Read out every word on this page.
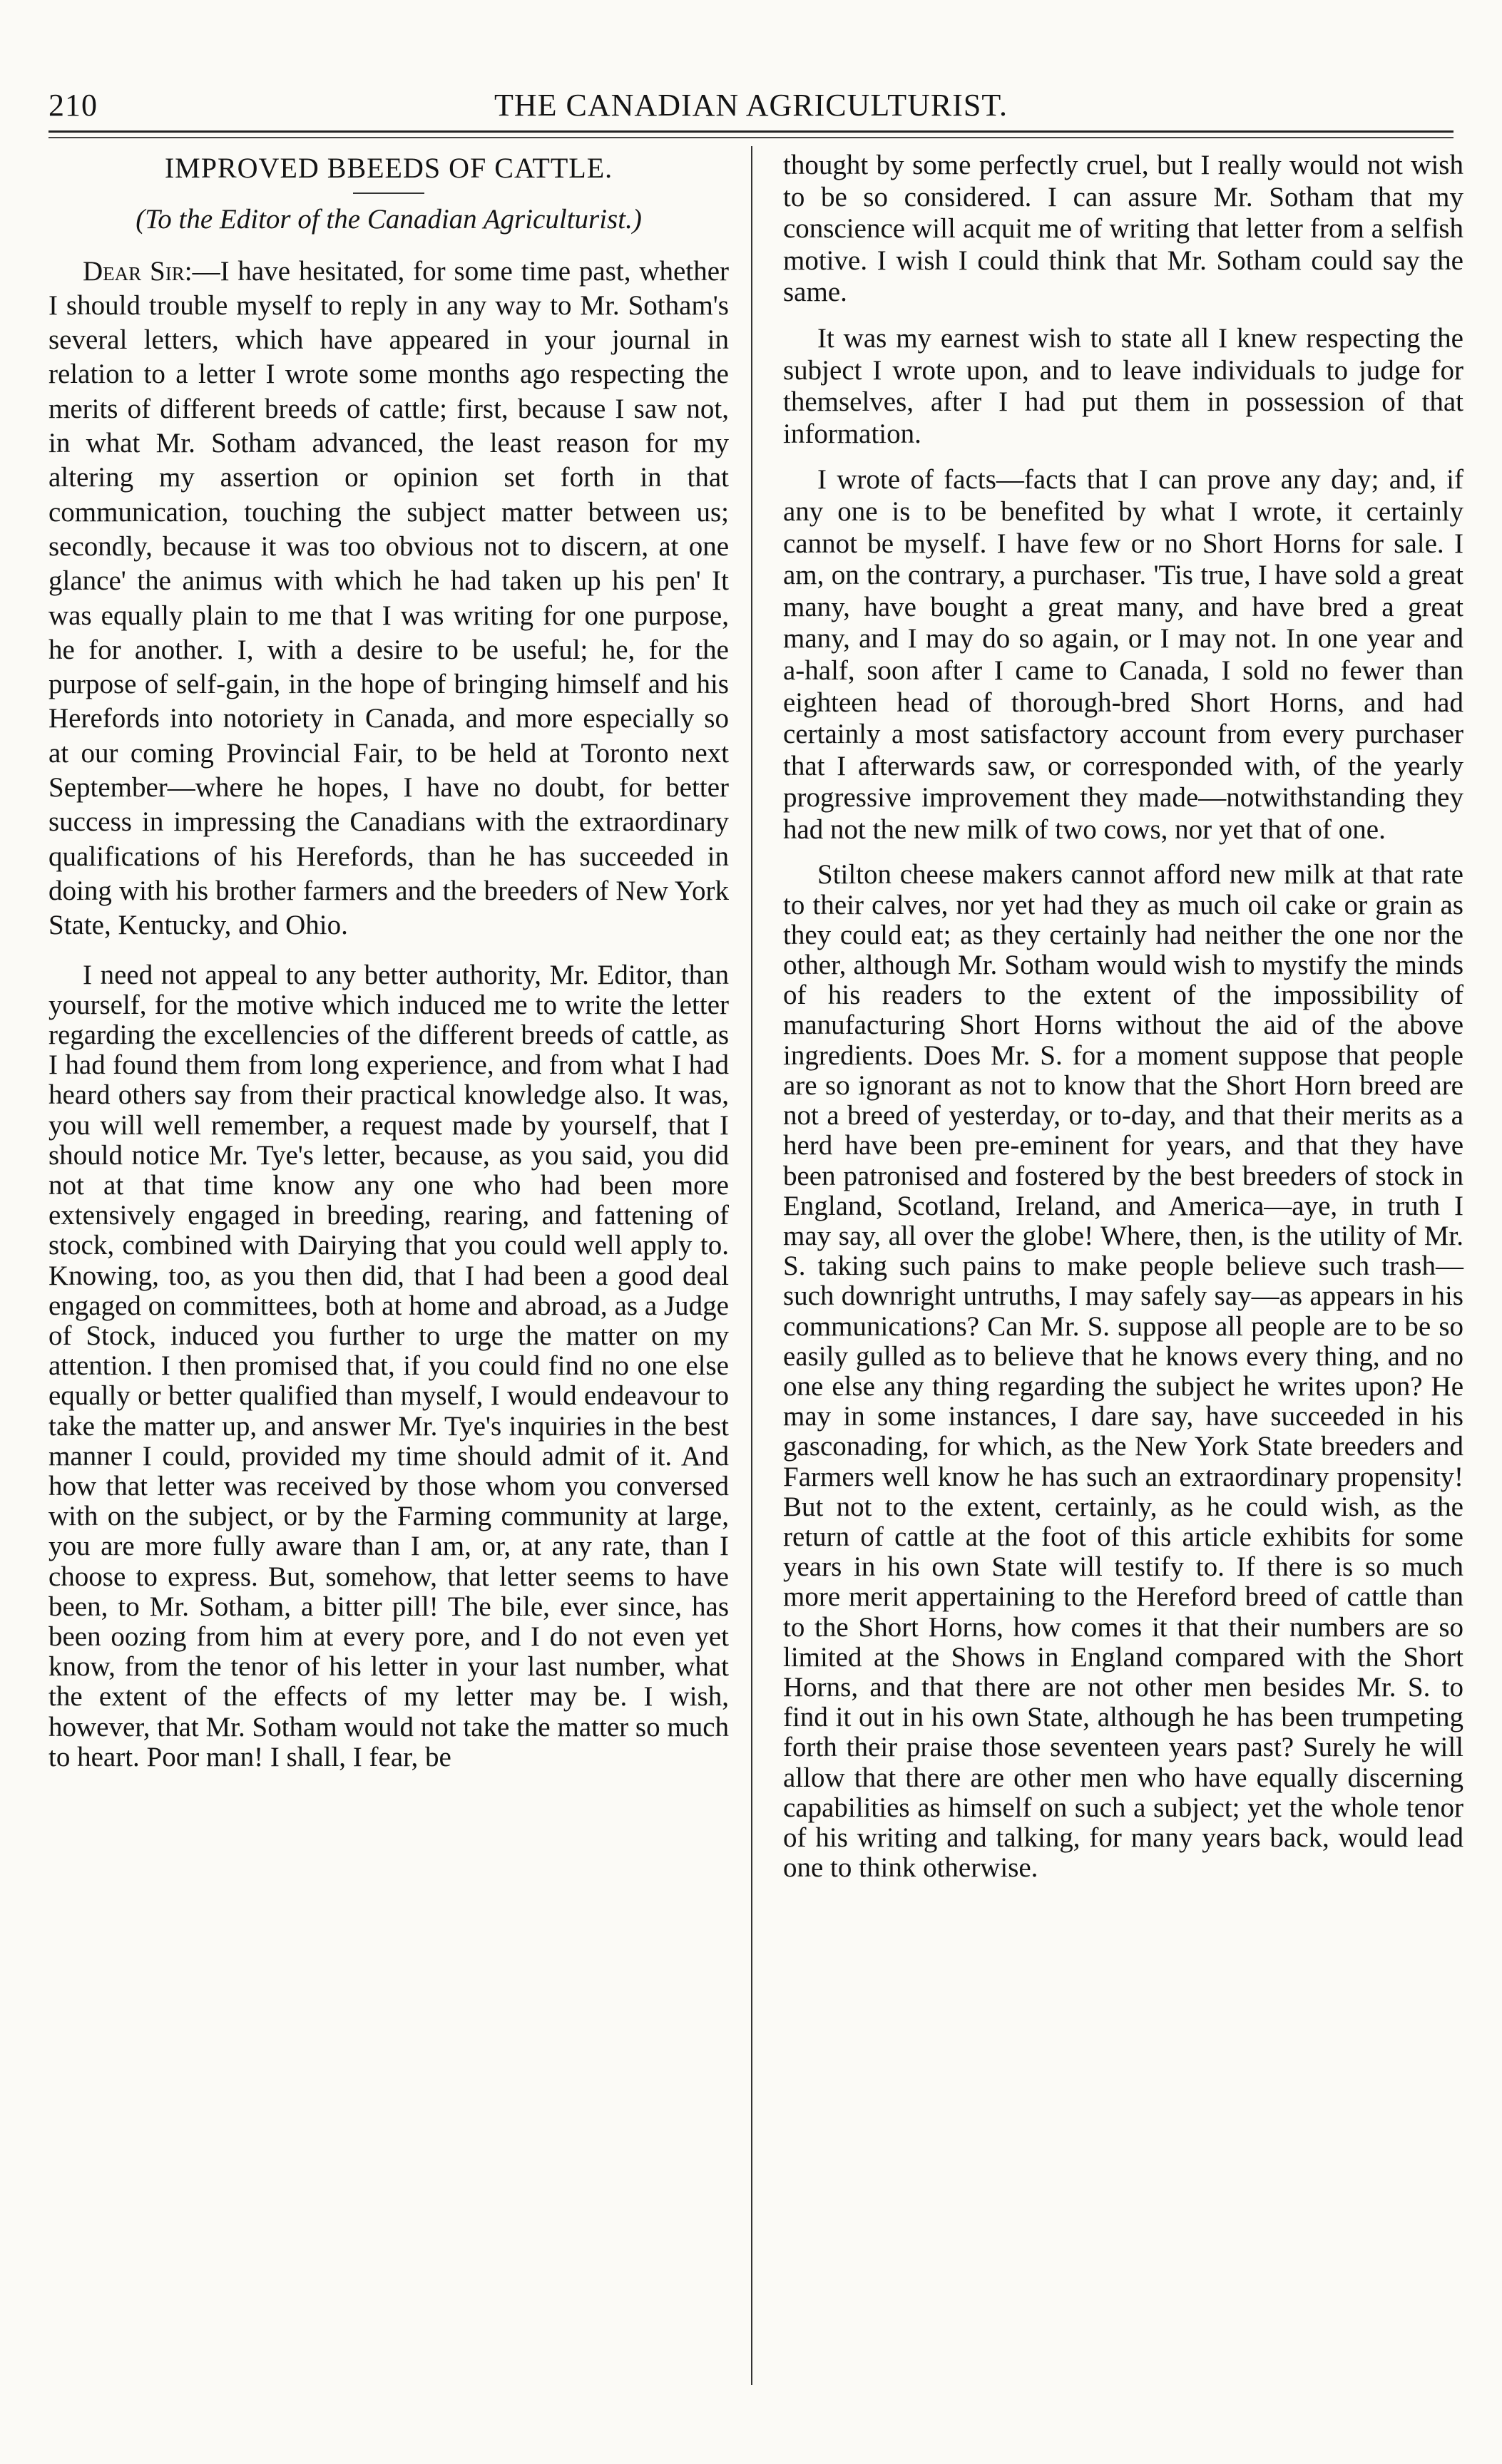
210	THE CANADIAN AGRICULTURIST.

IMPROVED BBEEDS OF CATTLE.

(To the Editor of the Canadian Agriculturist.)

Dear Sir:—I have hesitated, for some time past, whether I should trouble myself to reply in any way to Mr. Sotham's several letters, which have appeared in your journal in relation to a letter I wrote some months ago respecting the merits of different breeds of cattle; first, because I saw not, in what Mr. Sotham advanced, the least reason for my altering my assertion or opinion set forth in that communication, touching the subject matter between us; secondly, because it was too obvious not to discern, at one glance' the animus with which he had taken up his pen' It was equally plain to me that I was writing for one purpose, he for another. I, with a desire to be useful; he, for the purpose of self-gain, in the hope of bringing himself and his Herefords into notoriety in Canada, and more especially so at our coming Provincial Fair, to be held at Toronto next September—where he hopes, I have no doubt, for better success in impressing the Canadians with the extraordinary qualifications of his Herefords, than he has succeeded in doing with his brother farmers and the breeders of New York State, Kentucky, and Ohio.

I need not appeal to any better authority, Mr. Editor, than yourself, for the motive which induced me to write the letter regarding the excellencies of the different breeds of cattle, as I had found them from long experience, and from what I had heard others say from their practical knowledge also. It was, you will well remember, a request made by yourself, that I should notice Mr. Tye's letter, because, as you said, you did not at that time know any one who had been more extensively engaged in breeding, rearing, and fattening of stock, combined with Dairying that you could well apply to. Knowing, too, as you then did, that I had been a good deal engaged on committees, both at home and abroad, as a Judge of Stock, induced you further to urge the matter on my attention. I then promised that, if you could find no one else equally or better qualified than myself, I would endeavour to take the matter up, and answer Mr. Tye's inquiries in the best manner I could, provided my time should admit of it. And how that letter was received by those whom you conversed with on the subject, or by the Farming community at large, you are more fully aware than I am, or, at any rate, than I choose to express. But, somehow, that letter seems to have been, to Mr. Sotham, a bitter pill! The bile, ever since, has been oozing from him at every pore, and I do not even yet know, from the tenor of his letter in your last number, what the extent of the effects of my letter may be. I wish, however, that Mr. Sotham would not take the matter so much to heart. Poor man! I shall, I fear, be

thought by some perfectly cruel, but I really would not wish to be so considered. I can assure Mr. Sotham that my conscience will acquit me of writing that letter from a selfish motive. I wish I could think that Mr. Sotham could say the same.

It was my earnest wish to state all I knew respecting the subject I wrote upon, and to leave individuals to judge for themselves, after I had put them in possession of that information.

I wrote of facts—facts that I can prove any day; and, if any one is to be benefited by what I wrote, it certainly cannot be myself. I have few or no Short Horns for sale. I am, on the contrary, a purchaser. 'Tis true, I have sold a great many, have bought a great many, and have bred a great many, and I may do so again, or I may not. In one year and a-half, soon after I came to Canada, I sold no fewer than eighteen head of thorough-bred Short Horns, and had certainly a most satisfactory account from every purchaser that I afterwards saw, or corresponded with, of the yearly progressive improvement they made—notwithstanding they had not the new milk of two cows, nor yet that of one.

Stilton cheese makers cannot afford new milk at that rate to their calves, nor yet had they as much oil cake or grain as they could eat; as they certainly had neither the one nor the other, although Mr. Sotham would wish to mystify the minds of his readers to the extent of the impossibility of manufacturing Short Horns without the aid of the above ingredients. Does Mr. S. for a moment suppose that people are so ignorant as not to know that the Short Horn breed are not a breed of yesterday, or to-day, and that their merits as a herd have been pre-eminent for years, and that they have been patronised and fostered by the best breeders of stock in England, Scotland, Ireland, and America—aye, in truth I may say, all over the globe! Where, then, is the utility of Mr. S. taking such pains to make people believe such trash—such downright untruths, I may safely say—as appears in his communications? Can Mr. S. suppose all people are to be so easily gulled as to believe that he knows every thing, and no one else any thing regarding the subject he writes upon? He may in some instances, I dare say, have succeeded in his gasconading, for which, as the New York State breeders and Farmers well know he has such an extraordinary propensity! But not to the extent, certainly, as he could wish, as the return of cattle at the foot of this article exhibits for some years in his own State will testify to. If there is so much more merit appertaining to the Hereford breed of cattle than to the Short Horns, how comes it that their numbers are so limited at the Shows in England compared with the Short Horns, and that there are not other men besides Mr. S. to find it out in his own State, although he has been trumpeting forth their praise those seventeen years past? Surely he will allow that there are other men who have equally discerning capabilities as himself on such a subject; yet the whole tenor of his writing and talking, for many years back, would lead one to think otherwise.
